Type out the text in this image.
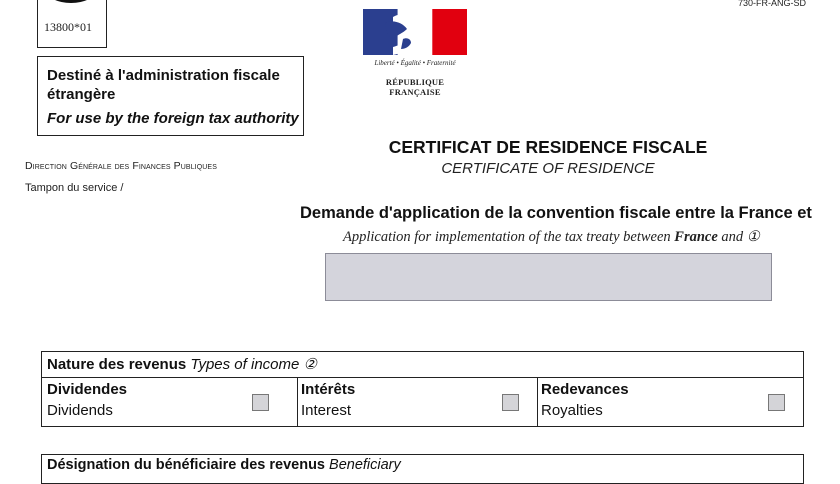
13800*01
730-FR-ANG-SD
Liberté • Égalité • Fraternité
RÉPUBLIQUE FRANÇAISE
Destiné à l'administration fiscale
étrangère
For use by the foreign tax authority
Direction Générale des Finances Publiques
Tampon du service /
CERTIFICAT DE RESIDENCE FISCALE
CERTIFICATE OF RESIDENCE
Demande d'application de la convention fiscale entre la France et
Application for implementation of the tax treaty between France and ①
Nature des revenus Types of income ②
Dividendes
Dividends
Intérêts
Interest
Redevances
Royalties
Désignation du bénéficiaire des revenus Beneficiary
